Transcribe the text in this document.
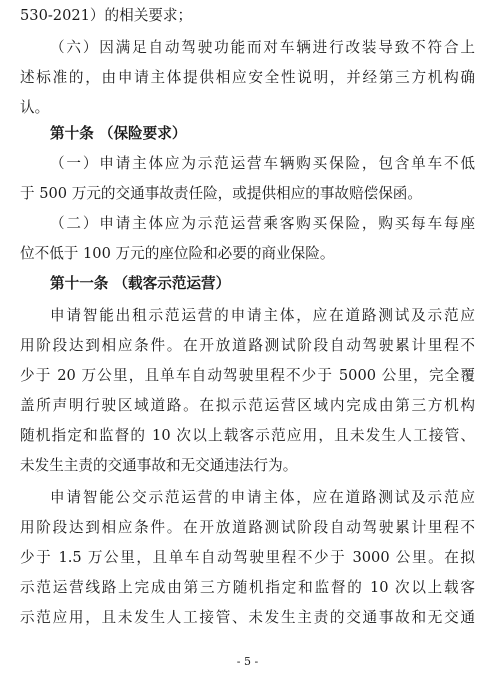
530-2021）的相关要求；
（六）因满足自动驾驶功能而对车辆进行改装导致不符合上
述标准的，由申请主体提供相应安全性说明，并经第三方机构确
认。
第十条 （保险要求）
（一）申请主体应为示范运营车辆购买保险，包含单车不低
于 500 万元的交通事故责任险，或提供相应的事故赔偿保函。
（二）申请主体应为示范运营乘客购买保险，购买每车每座
位不低于 100 万元的座位险和必要的商业保险。
第十一条 （载客示范运营）
申请智能出租示范运营的申请主体，应在道路测试及示范应
用阶段达到相应条件。在开放道路测试阶段自动驾驶累计里程不
少于 20 万公里，且单车自动驾驶里程不少于 5000 公里，完全覆
盖所声明行驶区域道路。在拟示范运营区域内完成由第三方机构
随机指定和监督的 10 次以上载客示范应用，且未发生人工接管、
未发生主责的交通事故和无交通违法行为。
申请智能公交示范运营的申请主体，应在道路测试及示范应
用阶段达到相应条件。在开放道路测试阶段自动驾驶累计里程不
少于 1.5 万公里，且单车自动驾驶里程不少于 3000 公里。在拟
示范运营线路上完成由第三方随机指定和监督的 10 次以上载客
示范应用，且未发生人工接管、未发生主责的交通事故和无交通
- 5 -
